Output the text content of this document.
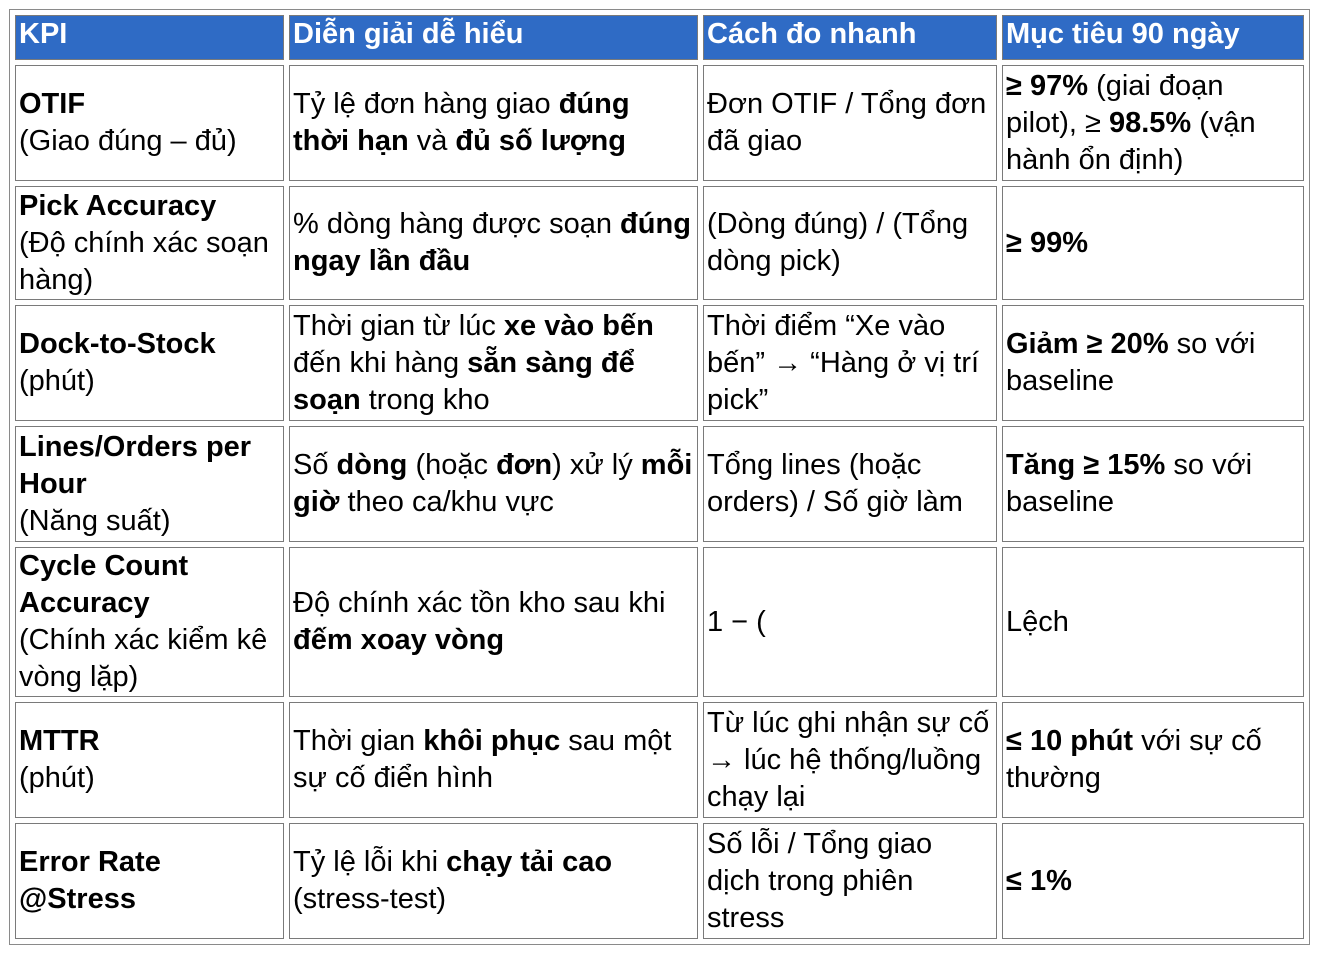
KPI	Diễn giải dễ hiểu	Cách đo nhanh	Mục tiêu 90 ngày

OTIF
(Giao đúng – đủ)	Tỷ lệ đơn hàng giao đúng thời hạn và đủ số lượng	Đơn OTIF / Tổng đơn đã giao	≥ 97% (giai đoạn pilot), ≥ 98.5% (vận hành ổn định)

Pick Accuracy
(Độ chính xác soạn hàng)	% dòng hàng được soạn đúng ngay lần đầu	(Dòng đúng) / (Tổng dòng pick)	≥ 99%

Dock-to-Stock
(phút)	Thời gian từ lúc xe vào bến đến khi hàng sẵn sàng để soạn trong kho	Thời điểm “Xe vào bến” → “Hàng ở vị trí pick”	Giảm ≥ 20% so với baseline

Lines/Orders per Hour
(Năng suất)	Số dòng (hoặc đơn) xử lý mỗi giờ theo ca/khu vực	Tổng lines (hoặc orders) / Số giờ làm	Tăng ≥ 15% so với baseline

Cycle Count Accuracy
(Chính xác kiểm kê vòng lặp)	Độ chính xác tồn kho sau khi đếm xoay vòng	1 − (	Lệch

MTTR
(phút)	Thời gian khôi phục sau một sự cố điển hình	Từ lúc ghi nhận sự cố → lúc hệ thống/luồng chạy lại	≤ 10 phút với sự cố thường

Error Rate @Stress	Tỷ lệ lỗi khi chạy tải cao (stress-test)	Số lỗi / Tổng giao dịch trong phiên stress	≤ 1%
